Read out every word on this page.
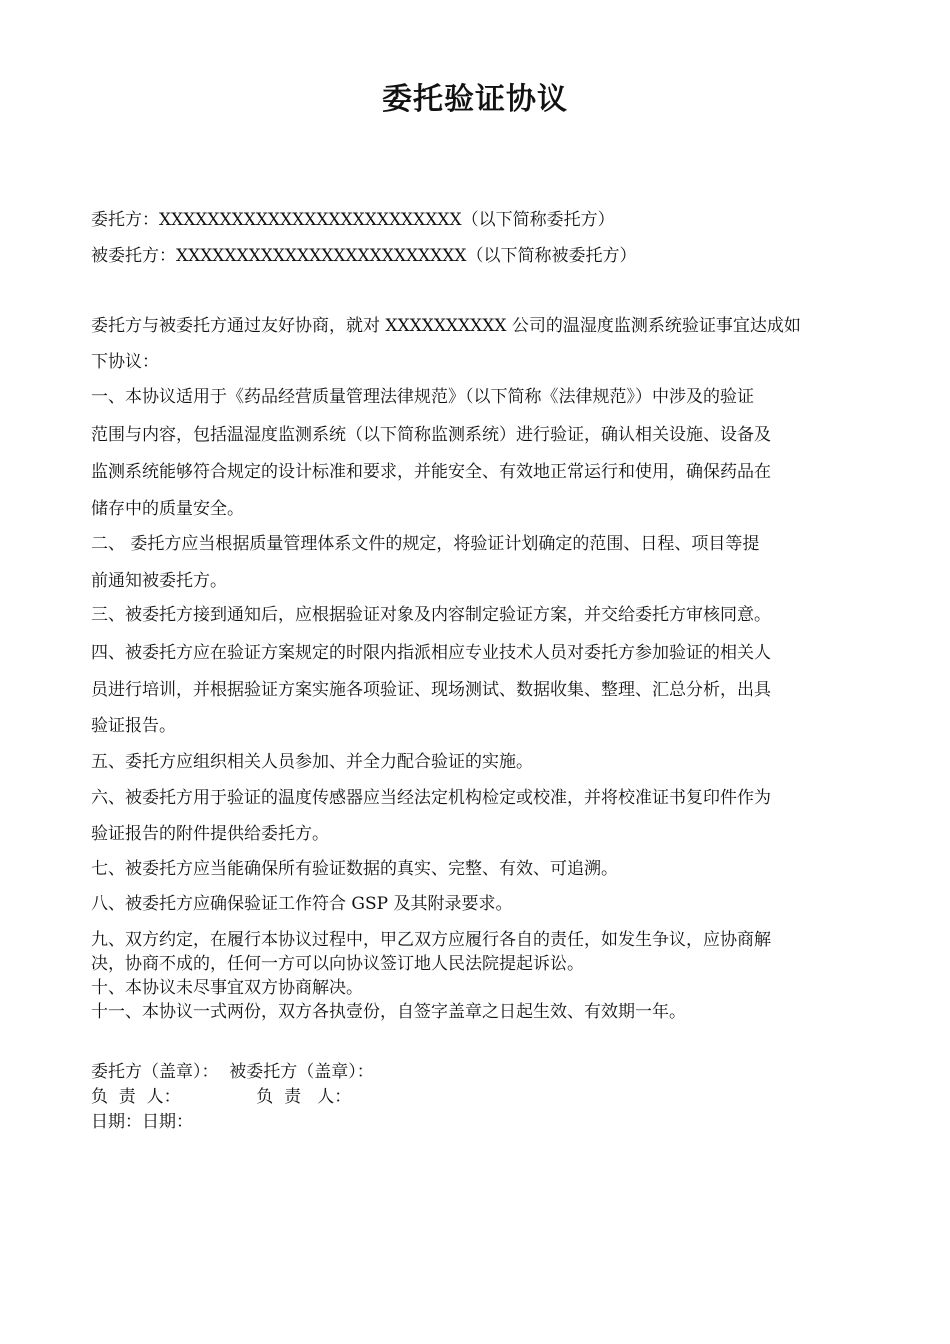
委托验证协议
委托方：XXXXXXXXXXXXXXXXXXXXXXXXX（以下简称委托方）
被委托方：XXXXXXXXXXXXXXXXXXXXXXXX（以下简称被委托方）
委托方与被委托方通过友好协商，就对 XXXXXXXXXX 公司的温湿度监测系统验证事宜达成如
下协议：
一、本协议适用于《药品经营质量管理法律规范》（以下简称《法律规范》）中涉及的验证
范围与内容，包括温湿度监测系统（以下简称监测系统）进行验证，确认相关设施、设备及
监测系统能够符合规定的设计标准和要求，并能安全、有效地正常运行和使用，确保药品在
储存中的质量安全。
二、 委托方应当根据质量管理体系文件的规定，将验证计划确定的范围、日程、项目等提
前通知被委托方。
三、被委托方接到通知后，应根据验证对象及内容制定验证方案，并交给委托方审核同意。
四、被委托方应在验证方案规定的时限内指派相应专业技术人员对委托方参加验证的相关人
员进行培训，并根据验证方案实施各项验证、现场测试、数据收集、整理、汇总分析，出具
验证报告。
五、委托方应组织相关人员参加、并全力配合验证的实施。
六、被委托方用于验证的温度传感器应当经法定机构检定或校准，并将校准证书复印件作为
验证报告的附件提供给委托方。
七、被委托方应当能确保所有验证数据的真实、完整、有效、可追溯。
八、被委托方应确保验证工作符合 GSP 及其附录要求。
九、双方约定，在履行本协议过程中，甲乙双方应履行各自的责任，如发生争议，应协商解
决，协商不成的，任何一方可以向协议签订地人民法院提起诉讼。
十、本协议未尽事宜双方协商解决。
十一、本协议一式两份，双方各执壹份，自签字盖章之日起生效、有效期一年。
委托方（盖章）：  被委托方（盖章）：
负  责  人：              负  责   人：
日期：日期：
